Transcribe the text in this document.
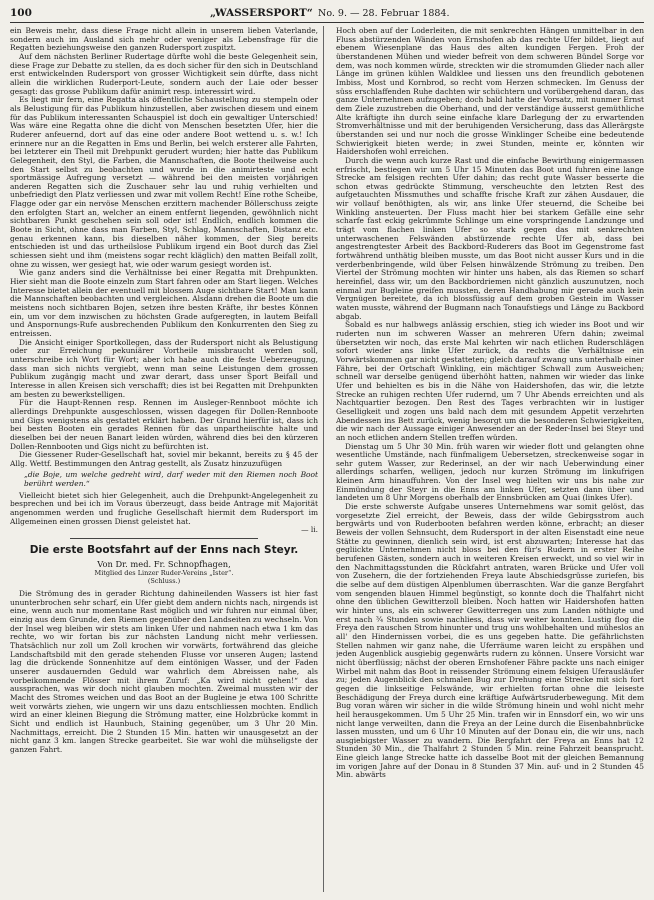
100	„WASSERSPORT“ No. 9. — 28. Februar 1884.

ein Beweis mehr, dass diese Frage nicht allein in unserem lieben Vaterlande, sondern auch im Ausland sich mehr oder weniger als Lebensfrage für die Regatten beziehungsweise den ganzen Rudersport zuspitzt.

Auf dem nächsten Berliner Rudertage dürfte wohl die beste Gelegenheit sein, diese Frage zur Debatte zu stellen, da es doch sicher für den sich in Deutschland erst entwickelnden Rudersport von grosser Wichtigkeit sein dürfte, dass nicht allein die wirklichen Ruderport-Leute, sondern auch der Laie oder besser gesagt: das grosse Publikum dafür animirt resp. interessirt wird.

Es liegt mir fern, eine Regatta als öffentliche Schaustellung zu stempeln oder als Belustigung für das Publikum hinzustellen, aber zwischen diesem und einem für das Publikum interessanten Schauspiel ist doch ein gewaltiger Unterschied! Was wäre eine Regatta ohne die dicht von Menschen besetzten Ufer, hier die Ruderer anfeuernd, dort auf das eine oder andere Boot wettend u. s. w.! Ich erinnere nur an die Regatten in Ems und Berlin, bei welch ersterer alle Fahrten, bei letzterer ein Theil mit Drehpunkt gerudert wurden; hier hatte das Publikum Gelegenheit, den Styl, die Farben, die Mannschaften, die Boote theilweise auch den Start selbst zu beobachten und wurde in die animirteste und echt sportmässige Aufregung versetzt — während bei den meisten vorjährigen anderen Regatten sich die Zuschauer sehr lau und ruhig verhielten und unbefriedigt den Platz verliessen und zwar mit vollem Recht! Eine rothe Scheibe, Flagge oder gar ein nervöse Menschen erzittern machender Böllerschuss zeigte den erfolgten Start an, welcher an einem entfernt liegenden, gewöhnlich nicht sichtbaren Punkt geschehen sein soll oder ist! Endlich, endlich kommen die Boote in Sicht, ohne dass man Farben, Styl, Schlag, Mannschaften, Distanz etc. genau erkennen kann, bis dieselben näher kommen, der Sieg bereits entschieden ist und das urtheilslose Publikum irgend ein Boot durch das Ziel schiessen sieht und ihm (meistens sogar recht kläglich) den matten Beifall zollt, ohne zu wissen, wer gesiegt hat, wie oder warum gesiegt worden ist.

Wie ganz anders sind die Verhältnisse bei einer Regatta mit Drehpunkten. Hier sieht man die Boote einzeln zum Start fahren oder am Start liegen. Welches Interesse bietet allein der eventuell mit blossem Auge sichtbare Start! Man kann die Mannschaften beobachten und vergleichen. Alsdann drehen die Boote um die meistens noch sichtbaren Bojen, setzen ihre besten Kräfte, ihr bestes Können ein, um vor dem inzwischen zu höchsten Grade aufgeregten, in lautem Beifall und Anspornungs-Rufe ausbrechenden Publikum den Konkurrenten den Sieg zu entreissen.

Die Ansicht einiger Sportkollegen, dass der Rudersport nicht als Belustigung oder zur Erreichung pekuniärer Vortheile missbraucht werden soll, unterschreibe ich Wort für Wort; aber ich habe auch die feste Ueberzeugung, dass man sich nichts vergiebt, wenn man seine Leistungen dem grossen Publikum zugängig macht und zwar derart, dass unser Sport Beifall und Interesse in allen Kreisen sich verschafft; dies ist bei Regatten mit Drehpunkten am besten zu bewerkstelligen.

Für die Haupt-Rennen resp. Rennen im Ausleger-Rennboot möchte ich allerdings Drehpunkte ausgeschlossen, wissen dagegen für Dollen-Rennboote und Gigs wenigstens als gestattet erklärt haben. Der Grund hierfür ist, dass ich bei besten Booten ein gerades Rennen für das unpartheiischte halte und dieselben bei der neuen Banart leiden würden, während dies bei den kürzeren Dollen-Rennbooten und Gigs nicht zu befürchten ist.

Die Giessener Ruder-Gesellschaft hat, soviel mir bekannt, bereits zu § 45 der Allg. Wettf. Bestimmungen den Antrag gestellt, als Zusatz hinzuzufügen

„die Boje, um welche gedreht wird, darf weder mit den Riemen noch Boot berührt werden.“

Vielleicht bietet sich hier Gelegenheit, auch die Drehpunkt-Angelegenheit zu besprechen und bei ich im Voraus überzeugt, dass beide Antrage mit Majorität angenommen werden und frugliche Gesellschaft hiermit dem Rudersport im Allgemeinen einen grossen Dienst geleistet hat.

— li.

Die erste Bootsfahrt auf der Enns nach Steyr.
Von Dr. med. Fr. Schnopfhagen,
Mitglied des Linzer Ruder-Vereins „Ister“.
(Schluss.)

Die Strömung des in gerader Richtung dahineilenden Wassers ist hier fast ununterbrochen sehr scharf, ein Ufer giebt dem andern nichts nach, nirgends ist eine, wenn auch nur momentane Rast möglich und wir fuhren nur einmal über, einzig aus dem Grunde, den Riemen gegenüber den Landseiten zu wechseln. Von der Insel weg bleiben wir stets am linken Ufer und nahmen nach etwa 1 km das rechte, wo wir fortan bis zur nächsten Landung nicht mehr verliessen. Thatsächlich nur zoll um Zoll krochen wir vorwärts, fortwährend das gleiche Landschaftsbild mit den gerade stehenden Flusse vor unseren Augen; lastend lag die drückende Sonnenhitze auf dem eintönigen Wasser, und der Faden unserer ausdauernden Geduld war wahrlich dem Abreissen nahe, als vorbeikommende Flösser mit ihrem Zuruf: „Ka wird nicht gehen!“ das aussprachen, was wir doch nicht glauben mochten. Zweimal mussten wir der Macht des Stromes weichen und das Boot an der Bugleine je etwa 100 Schritte weit vorwärts ziehen, wie ungern wir uns dazu entschliessen mochten. Endlich wird an einer kleinen Biegung die Strömung matter, eine Holzbrücke kommt in Sicht und endlich ist Haunbuch, Staining gegenüber, um 3 Uhr 20 Min. Nachmittags, erreicht. Die 2 Stunden 15 Min. hatten wir unausgesetzt an der nicht ganz 3 km. langen Strecke gearbeitet. Sie war wohl die mühseligste der ganzen Fahrt.

Hoch oben auf der Loderleiten, die mit senkrechten Hängen unmittelbar in den Fluss abstürzenden Wänden von Ernshofen ab das rechte Ufer bildet, liegt auf ebenem Wiesenplane das Haus des alten kundigen Fergen. Froh der überstandenen Mühen und wieder befreit von dem schweren Bündel Sorge vor dem, was noch kommen würde, streckten wir die stromumden Glieder nach aller Länge im grünen kühlen Waldklee und liessen uns den freundlich gebotenen Imbiss, Most und Kornbrod, so recht vom Herzen schmecken. Im Genuss der süss erschlaffenden Ruhe dachten wir schüchtern und vorübergehend daran, das ganze Unternehmen aufzugeben; doch bald hatte der Vorsatz, mit nunmer Ernst dem Ziele zuzustreben die Oberhand, und der verständige äusserst gemüthliche Alte kräftigte ihn durch seine einfache klare Darlegung der zu erwartenden Stromverhältnisse und mit der beruhigenden Versicherung, dass das Allerärgste überstanden sei und nur noch die grosse Winklinger Scheibe eine bedeutende Schwierigkeit bieten werde; in zwei Stunden, meinte er, könnten wir Haidershofen wohl erreichen.

Durch die wenn auch kurze Rast und die einfache Bewirthung einigermassen erfrischt, bestiegen wir um 5 Uhr 15 Minuten das Boot und fuhren eine lange Strecke am felsigen rechten Ufer dahin; das recht gute Wasser besserte die schon etwas gedrückte Stimmung, verscheuchte den letzten Rest des aufgetauchten Missmuthes und schaffte frische Kraft zur zähen Ausdauer, die wir vollauf benöthigten, als wir, ans linke Ufer steuernd, die Scheibe bei Winkling ansteuerten. Der Fluss macht hier bei starkem Gefälle eine sehr scharfe fast eckig gekrümmte Schlinge um eine vorspringende Landzunge und trägt vom flachen linken Ufer so stark gegen das mit senkrechten unterwaschenen Felswänden abstürzende rechte Ufer ab, dass bei angestrengtester Arbeit des Backbord-Ruderers das Boot im Gegenstrome fast fortwährend unthätig bleiben musste, um das Boot nicht ausser Kurs und in die verderbenbringende, wild über Felsen hinwälzende Strömung zu treiben. Den Viertel der Strömung mochten wir hinter uns haben, als das Riemen so scharf hereinfiel, dass wir, um den Backbordriemen nicht gänzlich auszunutzen, noch einmal zur Bugleine greifen mussten, deren Handhabung mir gerade auch kein Vergnügen bereitete, da ich blossfüssig auf dem groben Gestein im Wasser waten musste, während der Bugmann nach Tonaufstiegs und Länge zu Backbord abgab.

Sobald es nur halbwegs anlässig erschien, stieg ich wieder ins Boot und wir ruderten nun im schweren Wasser an mehreren Ufern dahin; zweimal übersetzten wir noch, das erste Mal kehrten wir nach etlichen Ruderschlägen sofort wieder ans linke Ufer zurück, da rechts die Verhältnisse ein Vorwärtskommen gar nicht gestatteten; gleich darauf zwang uns unterhalb einer Fähre, bei der Ortschaft Winkling, ein mächtiger Schwall zum Ausweichen; schnell war derselbe genügend überhöht hatten, nahmen wir wieder das linke Ufer und behielten es bis in die Nähe von Haidershofen, das wir, die letzte Strecke an ruhigen rechten Ufer rudernd, um 7 Uhr Abends erreichten und als Nachtquartier bezogen. Den Rest des Tages verbrachten wir in lustiger Geselligkeit und zogen uns bald nach dem mit gesundem Appetit verzehrten Abendessen ins Bett zurück, wenig besorgt um die besonderen Schwierigkeiten, die wir nach der Aussage einiger Anwesender an der Reder-Insel bei Steyr und an noch etlichen andern Stellen treffen würden.

Dienstag um 5 Uhr 30 Min. früh waren wir wieder flott und gelangten ohne wesentliche Umstände, nach fünfmaligem Uebersetzen, streckenweise sogar in sehr gutem Wasser, zur Rederinsel, an der wir nach Ueberwindung einer allerdings scharfen, welligen, jedoch nur kurzen Strömung im linkufrigen kleinen Arm hinauffuhren. Von der Insel weg hielten wir uns bis nahe zur Einmündung der Steyr in die Enns am linken Ufer, setzten dann über und landeten um 8 Uhr Morgens oberhalb der Ennsbrücken am Quai (linkes Ufer).

Die erste schwerste Aufgabe unseres Unternehmens war somit gelöst, das vorgesetzte Ziel erreicht, der Beweis, dass der wilde Gebirgsstrom auch bergwärts und von Ruderbooten befahren werden könne, erbracht; an dieser Beweis der vollen Sehnsucht, dem Rudersport in der alten Eisenstadt eine neue Stätte zu gewinnen, dienlich sein wird, ist erst abzuwarten; Interesse hat das gegliickte Unternehmen nicht bloss bei den für's Rudern in erster Reihe berufenen Gästen, sondern auch in weiteren Kreisen erweckt, und so viel wir in den Nachmittagsstunden die Rückfahrt antraten, waren Brücke und Ufer voll von Zusehern, die der fortziehenden Freya laute Abschiedsgrüsse zuriefen, bis die selbe auf dem düstigen Alpenblumen überraschten. War die ganze Bergfahrt vom sengenden blauen Himmel begünstigt, so konnte doch die Thalfahrt nicht ohne den üblichen Gewitterzoll bleiben. Noch hatten wir Haidershofen hatten wir hinter uns, als ein schwerer Gewitterregen uns zum Landen nöthigte und erst nach ¾ Stunden sowie nachliess, dass wir weiter konnten. Lustig flog die Freya den rauschen Strom hinunter und trug uns wohlbehalten und müheslos an all' den Hindernissen vorbei, die es uns gegeben hatte. Die gefährlichsten Stellen nahmen wir ganz nahe, die Uferräume waren leicht zu erspähen und jeden Augenblick ausgiebig gegenwärts rudern zu können. Unsere Vorsicht war nicht überflüssig; nächst der oberen Ernshofener Fähre packte uns nach einiger Wirbel mit nahm das Boot in reissender Strömung einem felsigen Uferausläufer zu; jeden Augenblick den schmalen Bug zur Drehung eine Strecke mit sich fort gegen die linkseitige Felswände, wir erhielten fortan ohne die leiseste Beschädigung der Freya durch eine kräftige Aufwärtsruderbewegung. Mit dem Bug voran wären wir sicher in die wilde Strömung hinein und wohl nicht mehr heil herausgekommen. Um 5 Uhr 25 Min. trafen wir in Ennsdorf ein, wo wir uns nicht lange verweilten, dann die Freya an der Leine durch die Eisenbahnbrücke lassen mussten, und um 6 Uhr 10 Minuten auf der Donau ein, die wir uns, nach ausgiebigster Wasser zu wandern. Die Bergfahrt der Freya an Enns hat 12 Stunden 30 Min., die Thalfahrt 2 Stunden 5 Min. reine Fahrzeit beansprucht. Eine gleich lange Strecke hatte ich dasselbe Boot mit der gleichen Bemannung im vorigen Jahre auf der Donau in 8 Stunden 37 Min. auf- und in 2 Stunden 45 Min. abwärts
